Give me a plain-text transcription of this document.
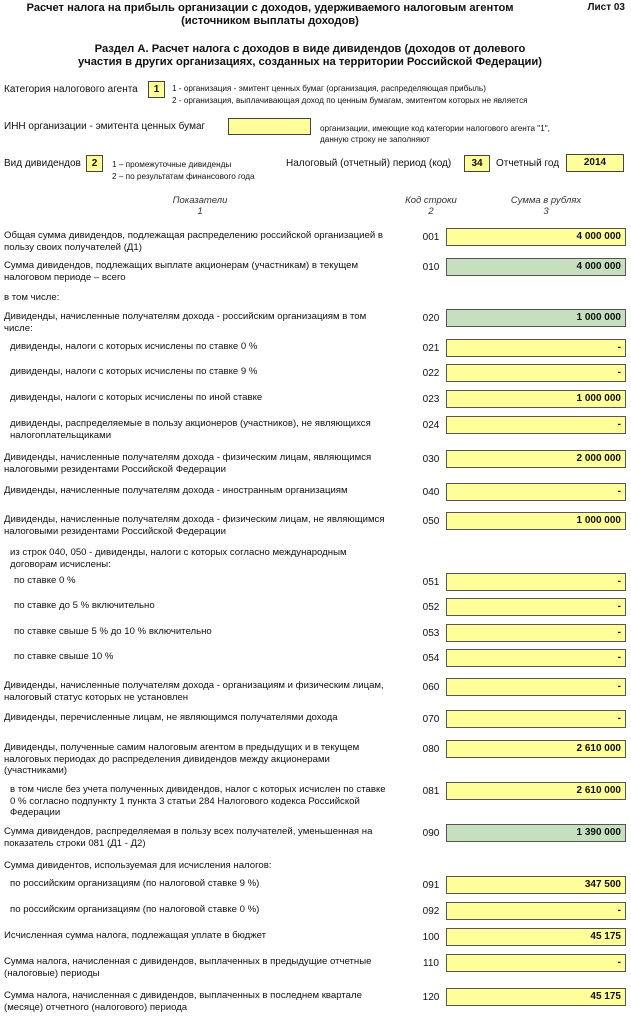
Расчет налога на прибыль организации с доходов, удерживаемого налоговым агентом
(источником выплаты доходов)
Лист 03
Раздел А. Расчет налога с доходов в виде дивидендов (доходов от долевого
участия в других организациях, созданных на территории Российской Федерации)
Категория налогового агента	1	1 - организация - эмитент ценных бумаг (организация, распределяющая прибыль)
2 - организация, выплачивающая доход по ценным бумагам, эмитентом которых не является
ИНН организации - эмитента ценных бумаг	организации, имеющие код категории налогового агента "1",
данную строку не заполняют
Вид дивидендов	2	1 – промежуточные дивиденды
2 – по результатам финансового года
Налоговый (отчетный) период (код)	34	Отчетный год	2014
Показатели
1
Код строки
2
Сумма в рублях
3
Общая сумма дивидендов, подлежащая распределению российской организацией в пользу своих получателей (Д1)
001	4 000 000
Сумма дивидендов, подлежащих выплате акционерам (участникам) в текущем налоговом периоде – всего
010	4 000 000
в том числе:
Дивиденды, начисленные получателям дохода - российским организациям в том числе:
020	1 000 000
дивиденды, налоги с которых исчислены по ставке 0 %	021	-
дивиденды, налоги с которых исчислены по ставке 9 %	022	-
дивиденды, налоги с которых исчислены по иной ставке	023	1 000 000
дивиденды, распределяемые в пользу акционеров (участников), не являющихся налогоплательщиками
024	-
Дивиденды, начисленные получателям дохода - физическим лицам, являющимся налоговыми резидентами Российской Федерации
030	2 000 000
Дивиденды, начисленные получателям дохода - иностранным организациям	040	-
Дивиденды, начисленные получателям дохода - физическим лицам, не являющимся налоговыми резидентами Российской Федерации
050	1 000 000
из строк 040, 050 - дивиденды, налоги с которых согласно международным договорам исчислены:
по ставке 0 %	051	-
по ставке до 5 % включительно	052	-
по ставке свыше 5 % до 10 % включительно	053	-
по ставке свыше 10 %	054	-
Дивиденды, начисленные получателям дохода - организациям и физическим лицам, налоговый статус которых не установлен
060	-
Дивиденды, перечисленные лицам, не являющимся получателями дохода	070	-
Дивиденды, полученные самим налоговым агентом в предыдущих и в текущем налоговых периодах до распределения дивидендов между акционерами (участниками)
080	2 610 000
в том числе без учета полученных дивидендов, налог с которых исчислен по ставке 0 % согласно подпункту 1 пункта 3 статьи 284 Налогового кодекса Российской Федерации
081	2 610 000
Сумма дивидендов, распределяемая в пользу всех получателей, уменьшенная на показатель строки 081 (Д1 - Д2)
090	1 390 000
Сумма дивидентов, используемая для исчисления налогов:
по российским организациям (по налоговой ставке 9 %)	091	347 500
по российским организациям (по налоговой ставке 0 %)	092	-
Исчисленная сумма налога, подлежащая уплате в бюджет	100	45 175
Сумма налога, начисленная с дивидендов, выплаченных в предыдущие отчетные (налоговые) периоды
110	-
Сумма налога, начисленная с дивидендов, выплаченных в последнем квартале (месяце) отчетного (налогового) периода
120	45 175
